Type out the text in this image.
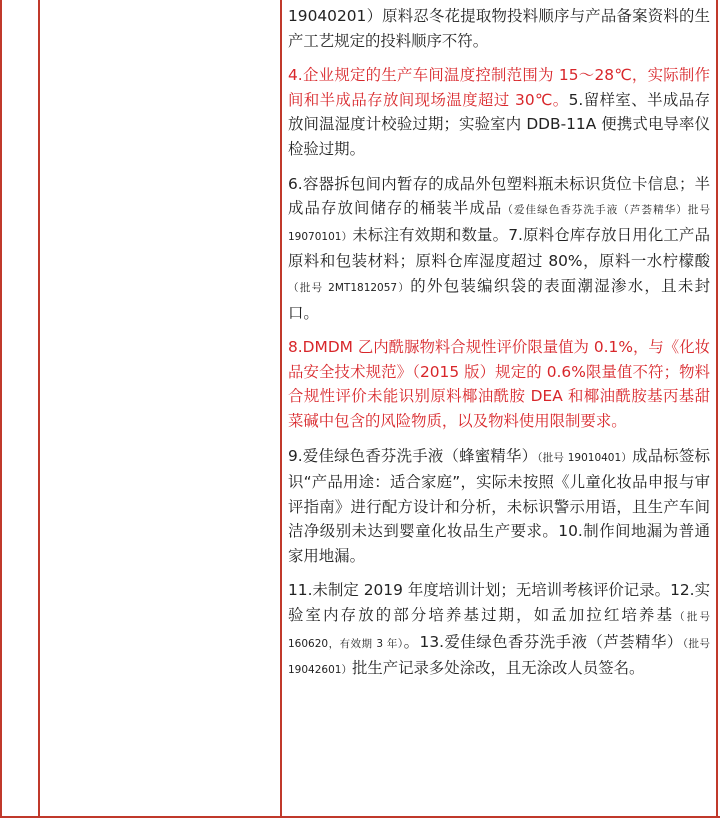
19040201）原料忍冬花提取物投料顺序与产品备案资料的生产工艺规定的投料顺序不符。

4.企业规定的生产车间温度控制范围为 15～28℃，实际制作间和半成品存放间现场温度超过 30℃。5.留样室、半成品存放间温湿度计校验过期；实验室内 DDB-11A 便携式电导率仪检验过期。

6.容器拆包间内暂存的成品外包塑料瓶未标识货位卡信息；半成品存放间储存的桶装半成品（爱佳绿色香芬洗手液（芦荟精华）批号 19070101）未标注有效期和数量。7.原料仓库存放日用化工产品原料和包装材料；原料仓库湿度超过 80%，原料一水柠檬酸（批号 2MT1812057）的外包装编织袋的表面潮湿渗水，且未封口。

8.DMDM 乙内酰脲物料合规性评价限量值为 0.1%，与《化妆品安全技术规范》（2015 版）规定的 0.6%限量值不符；物料合规性评价未能识别原料椰油酰胺 DEA 和椰油酰胺基丙基甜菜碱中包含的风险物质，以及物料使用限制要求。

9.爱佳绿色香芬洗手液（蜂蜜精华）（批号 19010401）成品标签标识“产品用途：适合家庭”，实际未按照《儿童化妆品申报与审评指南》进行配方设计和分析，未标识警示用语，且生产车间洁净级别未达到婴童化妆品生产要求。10.制作间地漏为普通家用地漏。

11.未制定 2019 年度培训计划；无培训考核评价记录。12.实验室内存放的部分培养基过期，如孟加拉红培养基（批号 160620，有效期 3 年）。13.爱佳绿色香芬洗手液（芦荟精华）（批号 19042601）批生产记录多处涂改，且无涂改人员签名。
